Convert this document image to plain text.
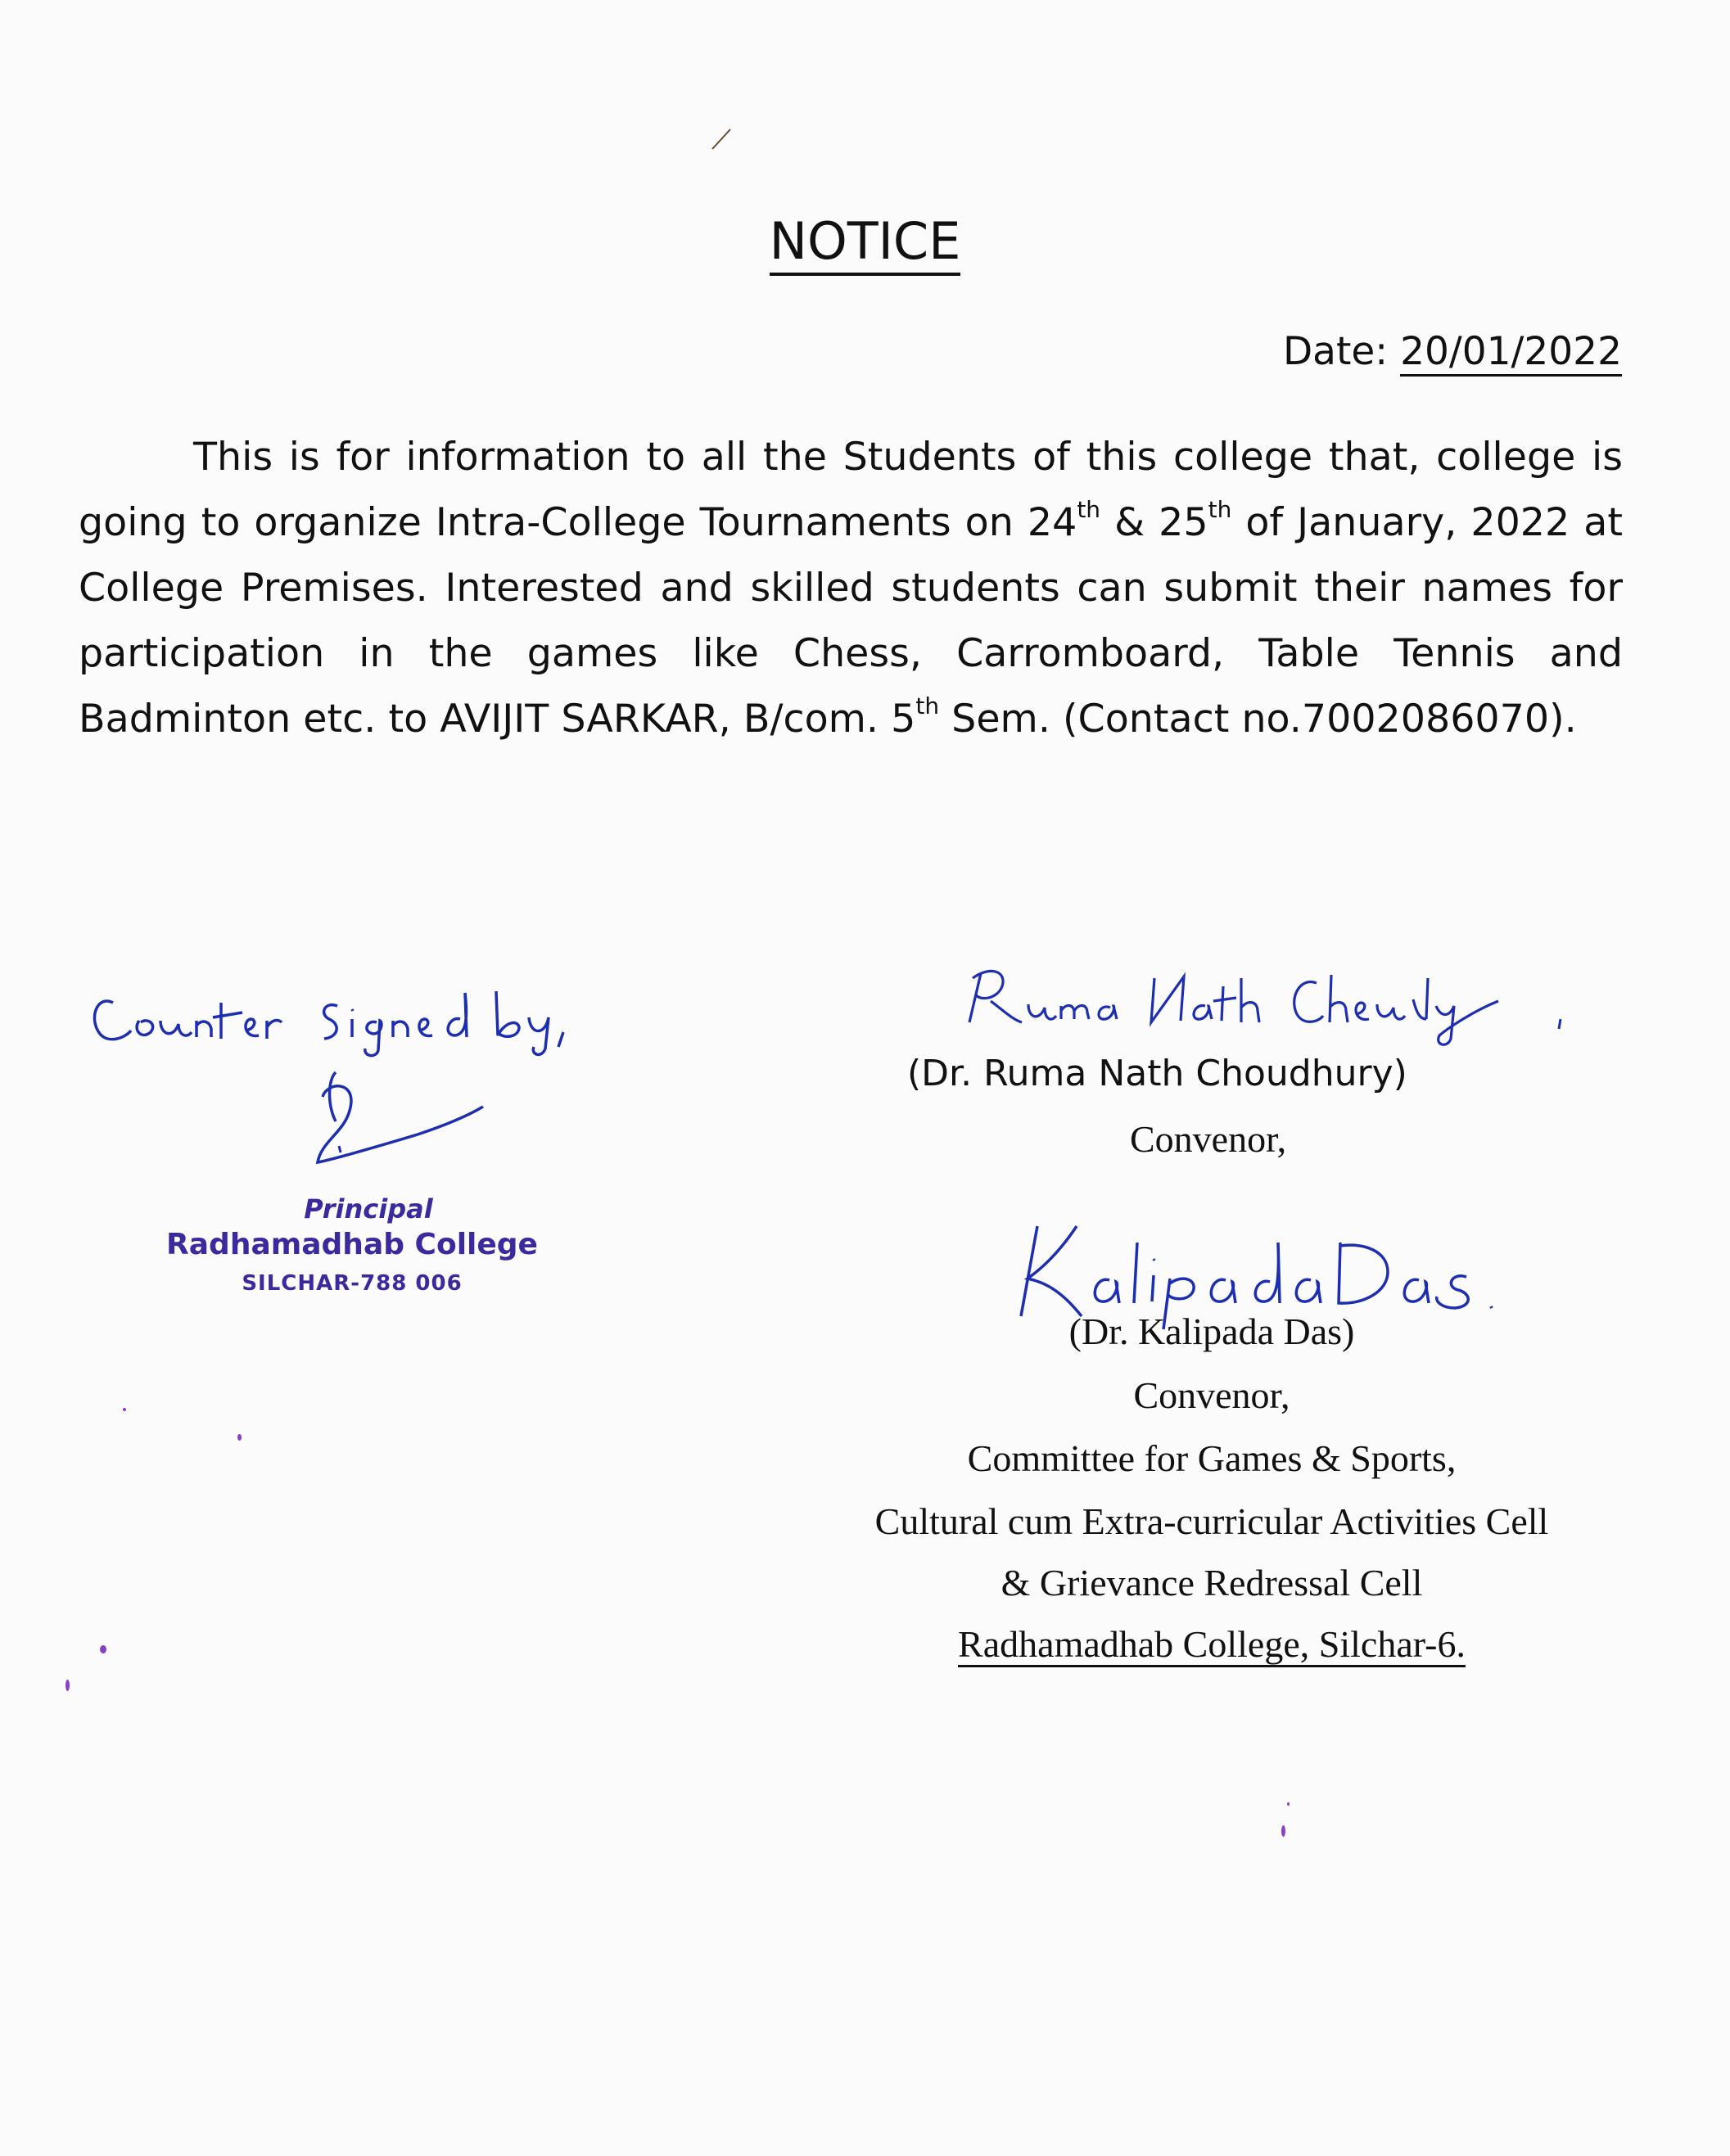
NOTICE
Date: 20/01/2022
This is for information to all the Students of this college that, college is going to organize Intra-College Tournaments on 24th & 25th of January, 2022 at College Premises. Interested and skilled students can submit their names for participation in the games like Chess, Carromboard, Table Tennis and Badminton etc. to AVIJIT SARKAR, B/com. 5th Sem. (Contact no.7002086070).
Principal
Radhamadhab College
SILCHAR-788 006
(Dr. Ruma Nath Choudhury)
Convenor,
(Dr. Kalipada Das)
Convenor,
Committee for Games & Sports,
Cultural cum Extra-curricular Activities Cell
& Grievance Redressal Cell
Radhamadhab College, Silchar-6.
